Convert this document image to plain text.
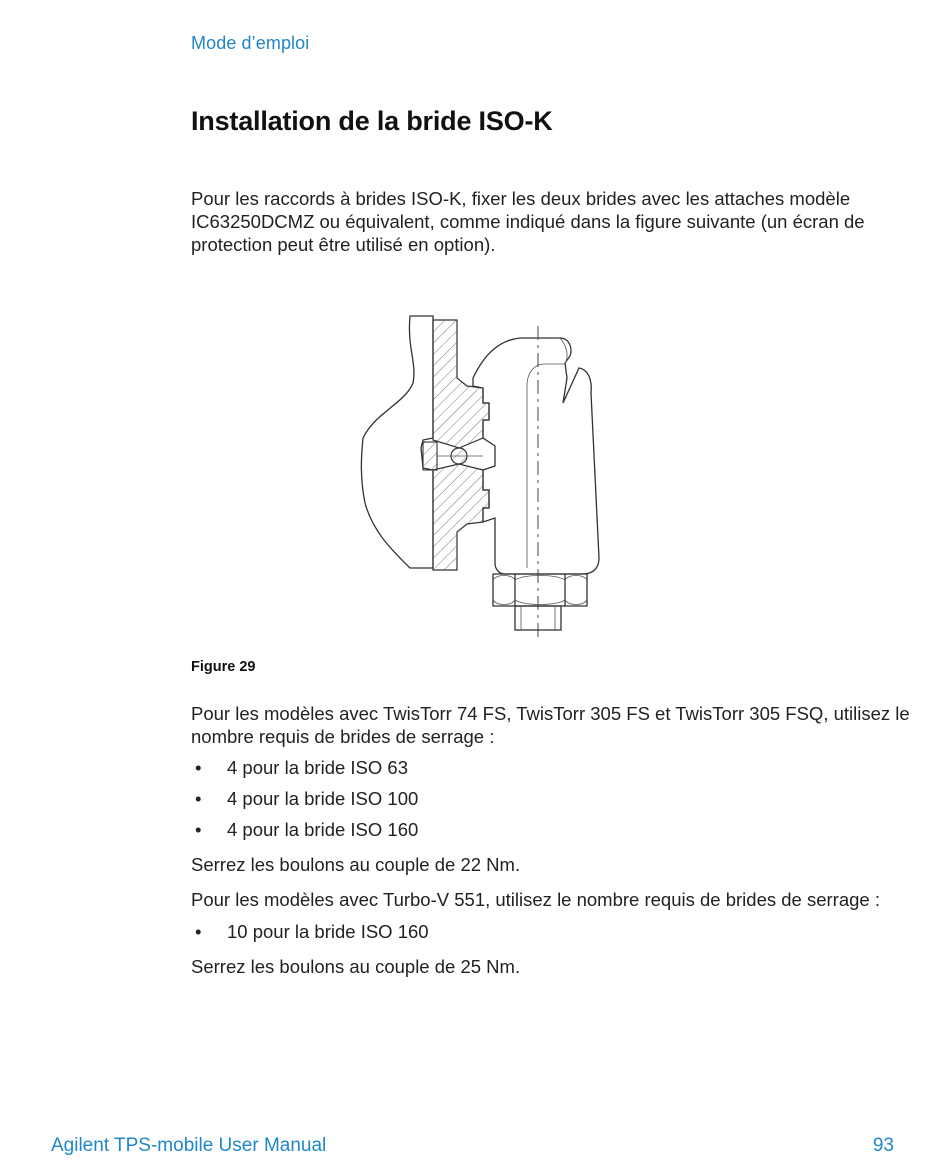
Mode d’emploi
Installation de la bride ISO-K
Pour les raccords à brides ISO-K, fixer les deux brides avec les attaches modèle IC63250DCMZ ou équivalent, comme indiqué dans la figure suivante (un écran de protection peut être utilisé en option).
Figure 29
Pour les modèles avec TwisTorr 74 FS, TwisTorr 305 FS et TwisTorr 305 FSQ, utilisez le nombre requis de brides de serrage :
•	4 pour la bride ISO 63
•	4 pour la bride ISO 100
•	4 pour la bride ISO 160
Serrez les boulons au couple de 22 Nm.
Pour les modèles avec Turbo-V 551, utilisez le nombre requis de brides de serrage :
•	10 pour la bride ISO 160
Serrez les boulons au couple de 25 Nm.
Agilent TPS-mobile User Manual	93
